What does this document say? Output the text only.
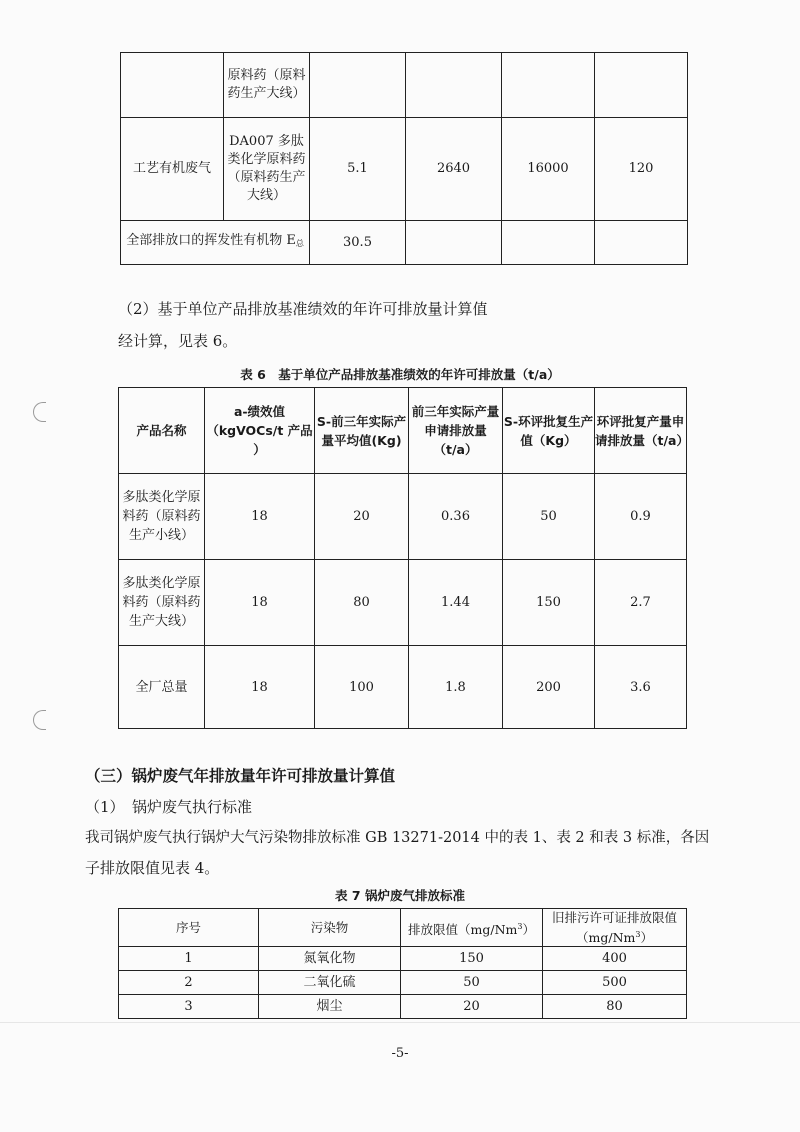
	原料药（原料药生产大线）				
工艺有机废气	DA007 多肽类化学原料药（原料药生产大线）	5.1	2640	16000	120
全部排放口的挥发性有机物 $E_总$		30.5			
（2）基于单位产品排放基准绩效的年许可排放量计算值
经计算，见表 6。
表 6　基于单位产品排放基准绩效的年许可排放量（t/a）
产品名称	a-绩效值（kgVOCs/t 产品 ）	S-前三年实际产量平均值(Kg)	前三年实际产量申请排放量（t/a）	S-环评批复生产值（Kg）	环评批复产量申请排放量（t/a）
多肽类化学原料药（原料药生产小线）	18	20	0.36	50	0.9
多肽类化学原料药（原料药生产大线）	18	80	1.44	150	2.7
全厂总量	18	100	1.8	200	3.6
（三）锅炉废气年排放量年许可排放量计算值
（1）　锅炉废气执行标准
我司锅炉废气执行锅炉大气污染物排放标准 GB 13271-2014 中的表 1、表 2 和表 3 标准，各因
子排放限值见表 4。
表 7 锅炉废气排放标准
序号	污染物	排放限值（mg/Nm$^3$）	旧排污许可证排放限值（mg/Nm$^3$）
1	氮氧化物	150	400
2	二氧化硫	50	500
3	烟尘	20	80
-5-
